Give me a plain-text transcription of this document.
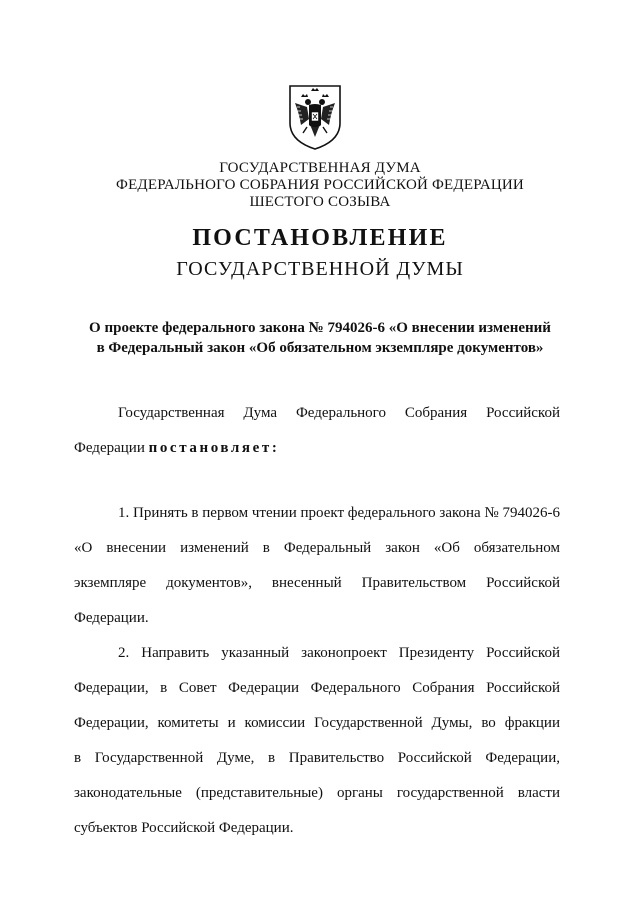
ГОСУДАРСТВЕННАЯ ДУМА
ФЕДЕРАЛЬНОГО СОБРАНИЯ РОССИЙСКОЙ ФЕДЕРАЦИИ
ШЕСТОГО СОЗЫВА
ПОСТАНОВЛЕНИЕ
ГОСУДАРСТВЕННОЙ ДУМЫ
О проекте федерального закона № 794026-6 «О внесении изменений
в Федеральный закон «Об обязательном экземпляре документов»
Государственная Дума Федерального Собрания Российской
Федерации постановляет:
1. Принять в первом чтении проект федерального закона № 794026-6
«О внесении изменений в Федеральный закон «Об обязательном
экземпляре документов», внесенный Правительством Российской
Федерации.
2. Направить указанный законопроект Президенту Российской
Федерации, в Совет Федерации Федерального Собрания Российской
Федерации, комитеты и комиссии Государственной Думы, во фракции
в Государственной Думе, в Правительство Российской Федерации,
законодательные (представительные) органы государственной власти
субъектов Российской Федерации.
